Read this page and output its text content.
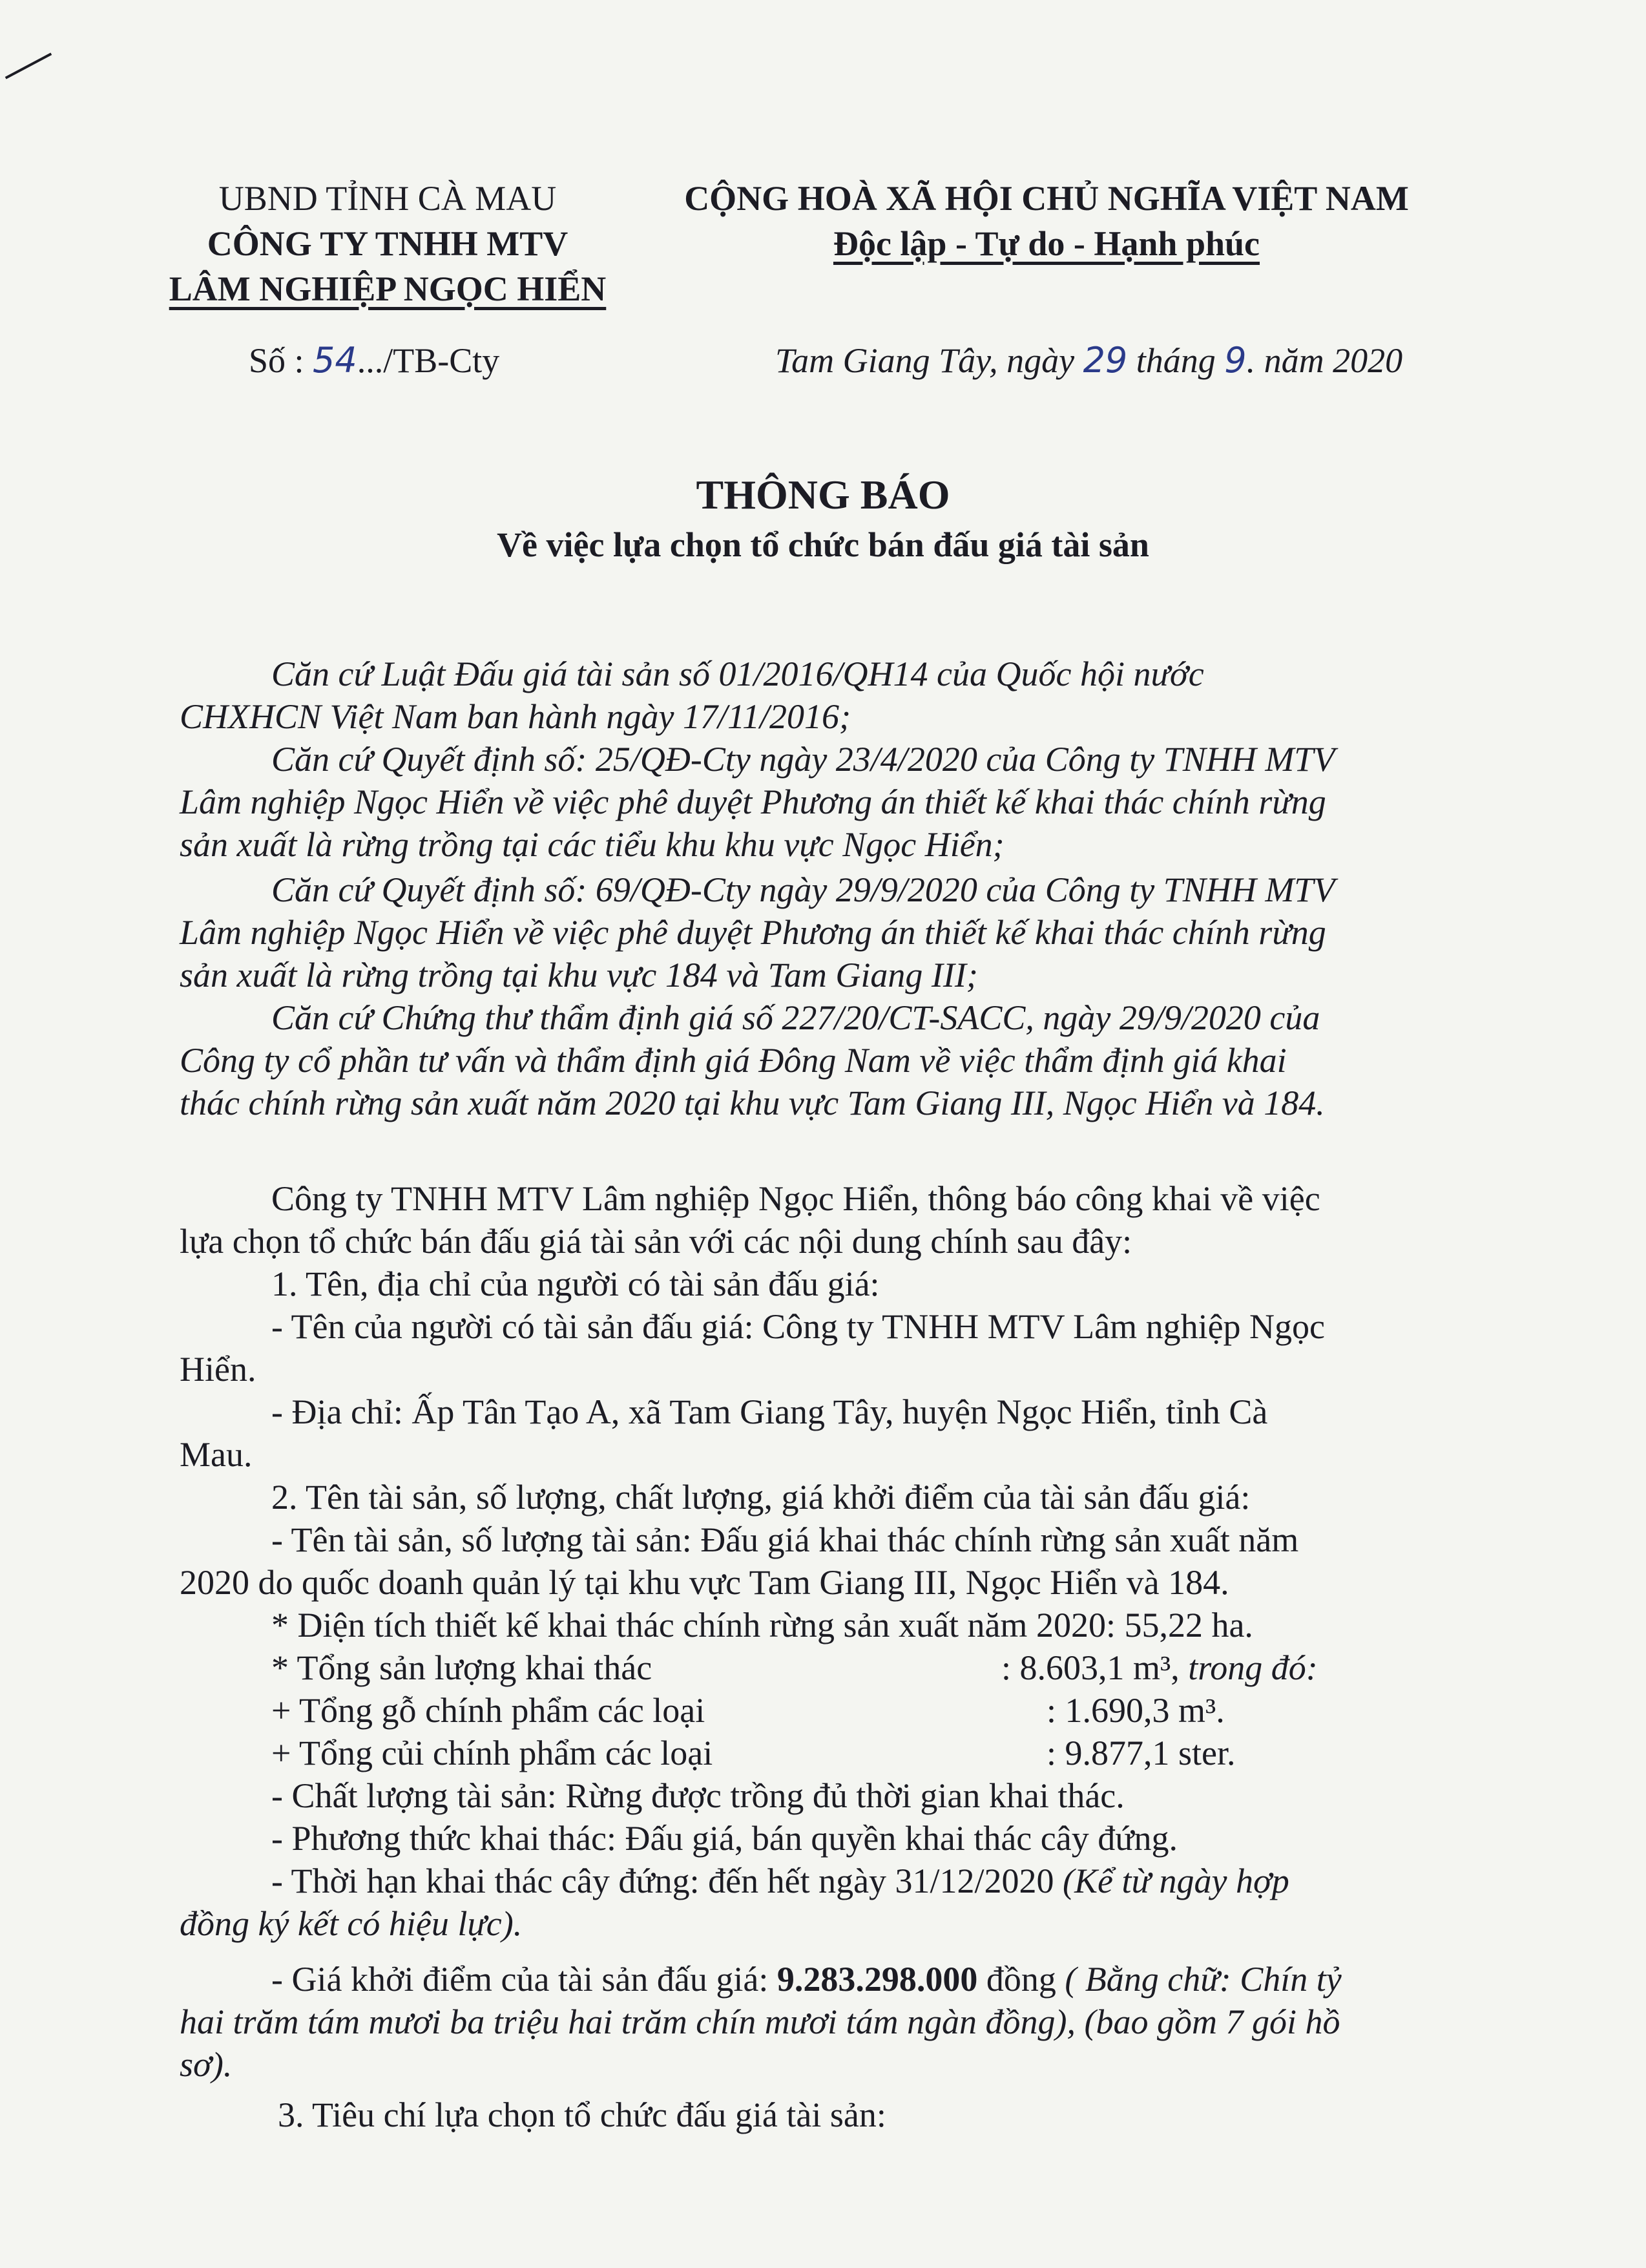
UBND TỈNH CÀ MAU
CÔNG TY TNHH MTV
LÂM NGHIỆP NGỌC HIỂN
CỘNG HOÀ XÃ HỘI CHỦ NGHĨA VIỆT NAM
Độc lập - Tự do - Hạnh phúc
Số : 54.../TB-Cty	Tam Giang Tây, ngày 29 tháng 9. năm 2020
THÔNG BÁO
Về việc lựa chọn tổ chức bán đấu giá tài sản
Căn cứ Luật Đấu giá tài sản số 01/2016/QH14 của Quốc hội nước
CHXHCN Việt Nam ban hành ngày 17/11/2016;
Căn cứ Quyết định số: 25/QĐ-Cty ngày 23/4/2020 của Công ty TNHH MTV
Lâm nghiệp Ngọc Hiển về việc phê duyệt Phương án thiết kế khai thác chính rừng
sản xuất là rừng trồng tại các tiểu khu khu vực Ngọc Hiển;
Căn cứ Quyết định số: 69/QĐ-Cty ngày 29/9/2020 của Công ty TNHH MTV
Lâm nghiệp Ngọc Hiển về việc phê duyệt Phương án thiết kế khai thác chính rừng
sản xuất là rừng trồng tại khu vực 184 và Tam Giang III;
Căn cứ Chứng thư thẩm định giá số 227/20/CT-SACC, ngày 29/9/2020 của
Công ty cổ phần tư vấn và thẩm định giá Đông Nam về việc thẩm định giá khai
thác chính rừng sản xuất năm 2020 tại khu vực Tam Giang III, Ngọc Hiển và 184.
Công ty TNHH MTV Lâm nghiệp Ngọc Hiển, thông báo công khai về việc
lựa chọn tổ chức bán đấu giá tài sản với các nội dung chính sau đây:
1. Tên, địa chỉ của người có tài sản đấu giá:
- Tên của người có tài sản đấu giá: Công ty TNHH MTV Lâm nghiệp Ngọc
Hiển.
- Địa chỉ: Ấp Tân Tạo A, xã Tam Giang Tây, huyện Ngọc Hiển, tỉnh Cà
Mau.
2. Tên tài sản, số lượng, chất lượng, giá khởi điểm của tài sản đấu giá:
- Tên tài sản, số lượng tài sản: Đấu giá khai thác chính rừng sản xuất năm
2020 do quốc doanh quản lý tại khu vực Tam Giang III, Ngọc Hiển và 184.
* Diện tích thiết kế khai thác chính rừng sản xuất năm 2020: 55,22 ha.
* Tổng sản lượng khai thác	: 8.603,1 m³, trong đó:
+ Tổng gỗ chính phẩm các loại	: 1.690,3 m³.
+ Tổng củi chính phẩm các loại	: 9.877,1 ster.
- Chất lượng tài sản: Rừng được trồng đủ thời gian khai thác.
- Phương thức khai thác: Đấu giá, bán quyền khai thác cây đứng.
- Thời hạn khai thác cây đứng: đến hết ngày 31/12/2020 (Kể từ ngày hợp
đồng ký kết có hiệu lực).
- Giá khởi điểm của tài sản đấu giá: 9.283.298.000 đồng ( Bằng chữ: Chín tỷ
hai trăm tám mươi ba triệu hai trăm chín mươi tám ngàn đồng), (bao gồm 7 gói hồ
sơ).
3. Tiêu chí lựa chọn tổ chức đấu giá tài sản:
